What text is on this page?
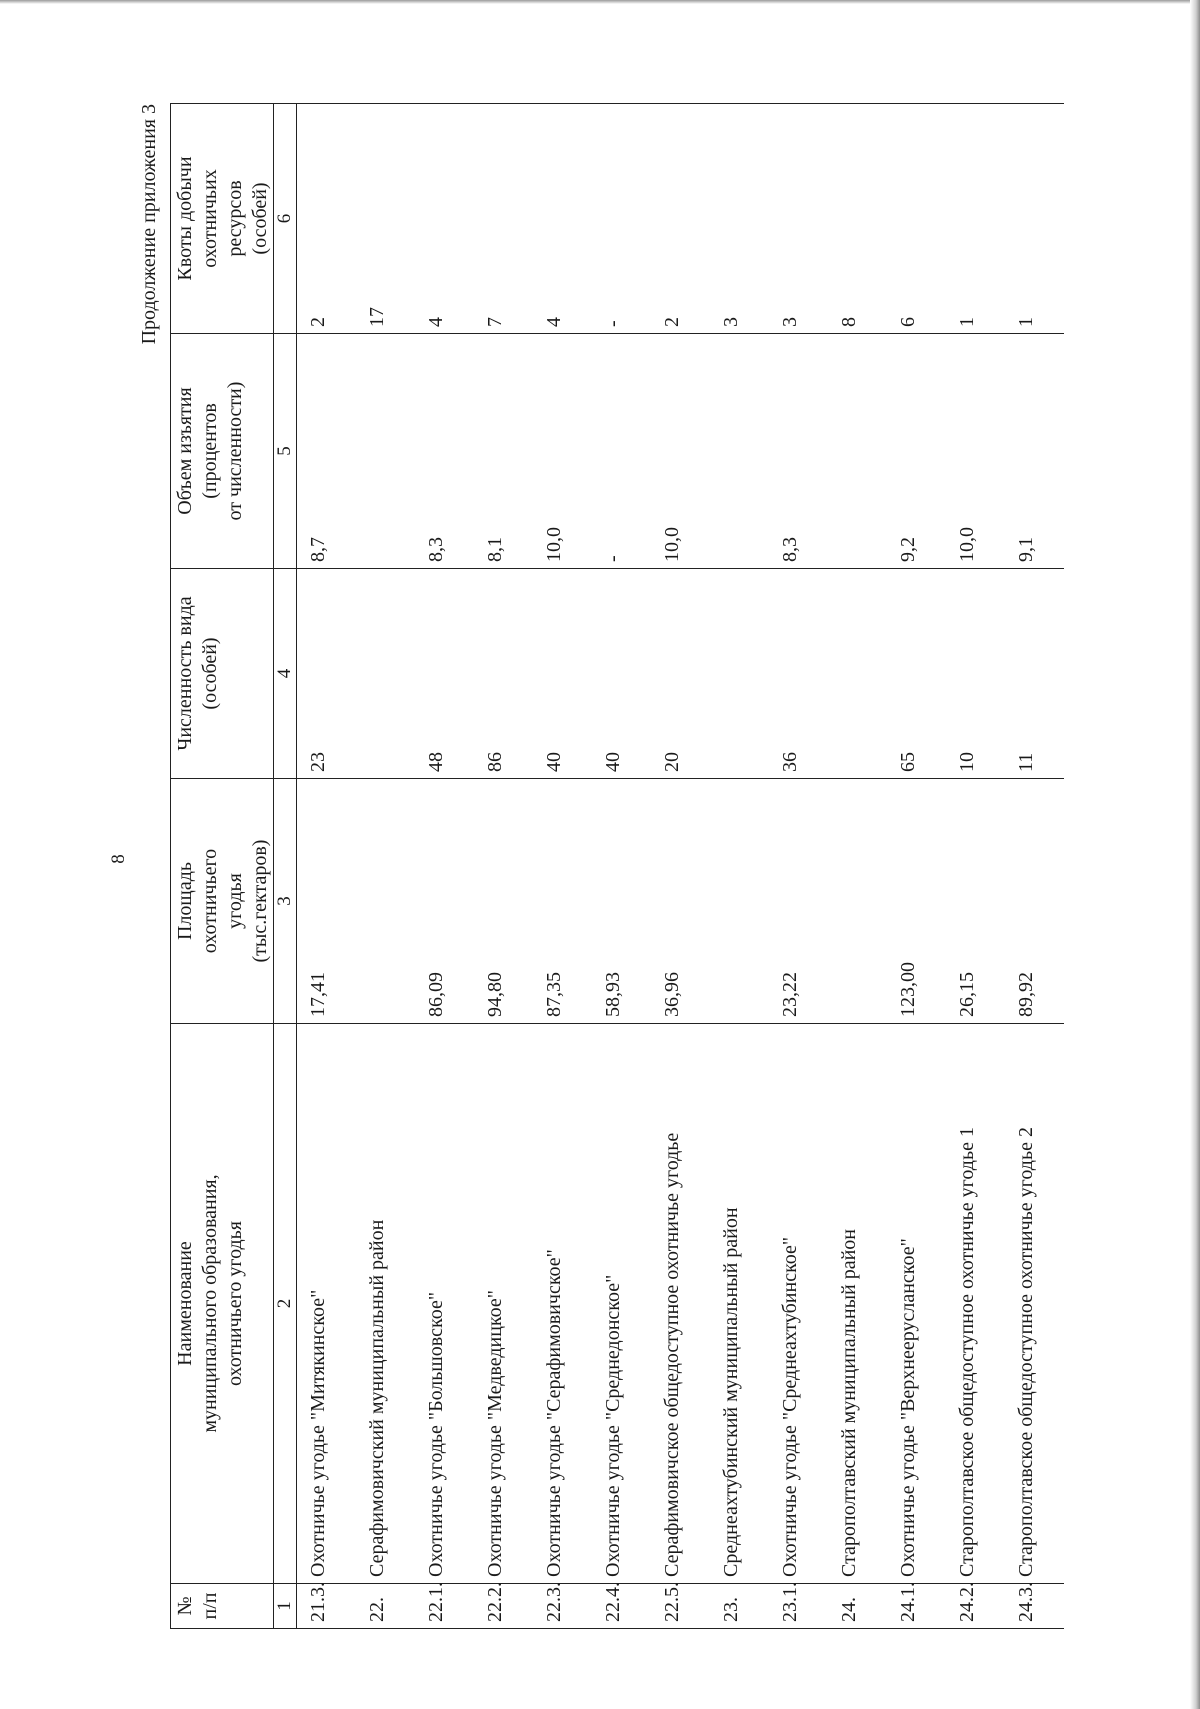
8
Продолжение приложения 3
№
п/п	Наименование
муниципального образования,
охотничьего угодья	Площадь
охотничьего
угодья
(тыс.гектаров)	Численность вида
(особей)	Объем изъятия
(процентов
от численности)	Квоты добычи
охотничьих
ресурсов
(особей)
1	2	3	4	5	6
21.3.	Охотничье угодье "Митякинское"	17,41	23	8,7	2
22.	Серафимовичский муниципальный район				17
22.1.	Охотничье угодье "Большовское"	86,09	48	8,3	4
22.2.	Охотничье угодье "Медведицкое"	94,80	86	8,1	7
22.3.	Охотничье угодье "Серафимовичское"	87,35	40	10,0	4
22.4.	Охотничье угодье "Среднедонское"	58,93	40	-	-
22.5.	Серафимовичское общедоступное охотничье угодье	36,96	20	10,0	2
23.	Среднеахтубинский муниципальный район				3
23.1.	Охотничье угодье "Среднеахтубинское"	23,22	36	8,3	3
24.	Старополтавский муниципальный район				8
24.1.	Охотничье угодье "Верхнеерусланское"	123,00	65	9,2	6
24.2.	Старополтавское общедоступное охотничье угодье 1	26,15	10	10,0	1
24.3.	Старополтавское общедоступное охотничье угодье 2	89,92	11	9,1	1
